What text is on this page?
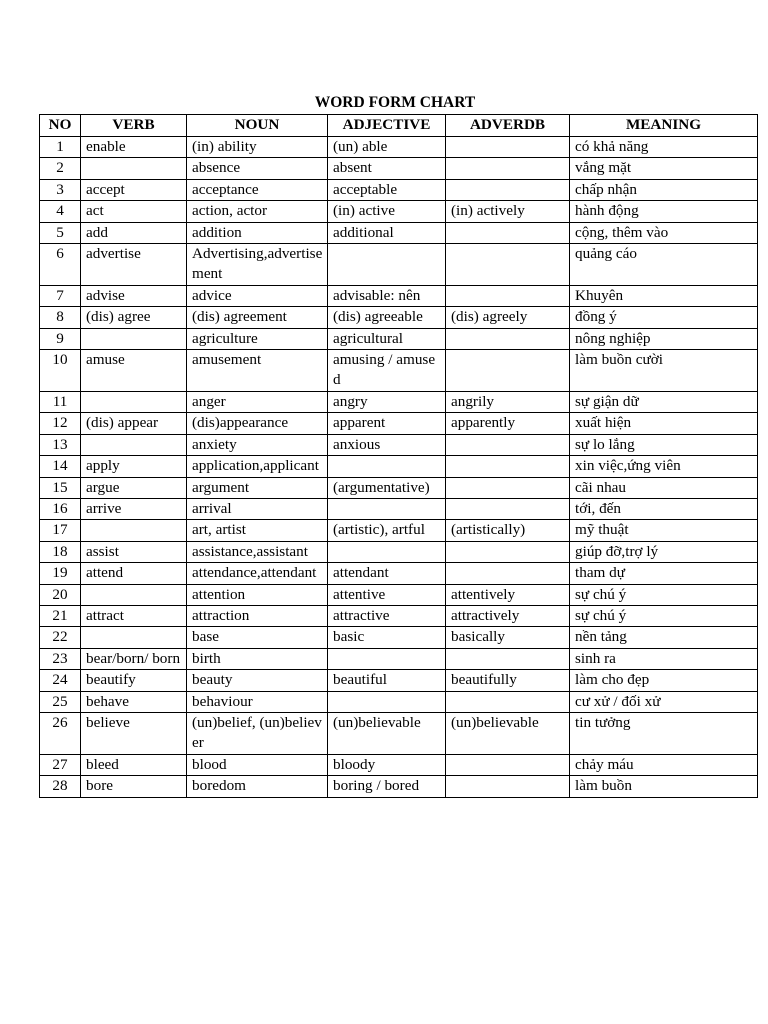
WORD FORM CHART
NO	VERB	NOUN	ADJECTIVE	ADVERDB	MEANING
1	enable	(in) ability	(un) able		có khả năng
2		absence	absent		vắng mặt
3	accept	acceptance	acceptable		chấp nhận
4	act	action, actor	(in) active	(in) actively	hành động
5	add	addition	additional		cộng, thêm vào
6	advertise	Advertising,advertisement			quảng cáo
7	advise	advice	advisable: nên		Khuyên
8	(dis) agree	(dis) agreement	(dis) agreeable	(dis) agreely	đồng ý
9		agriculture	agricultural		nông nghiệp
10	amuse	amusement	amusing / amused		làm buồn cười
11		anger	angry	angrily	sự giận dữ
12	(dis) appear	(dis)appearance	apparent	apparently	xuất hiện
13		anxiety	anxious		sự lo lắng
14	apply	application,applicant			xin việc,ứng viên
15	argue	argument	(argumentative)		cãi nhau
16	arrive	arrival			tới, đến
17		art, artist	(artistic), artful	(artistically)	mỹ thuật
18	assist	assistance,assistant			giúp đỡ,trợ lý
19	attend	attendance,attendant	attendant		tham dự
20		attention	attentive	attentively	sự chú ý
21	attract	attraction	attractive	attractively	sự chú ý
22		base	basic	basically	nền tảng
23	bear/born/ born	birth			sinh ra
24	beautify	beauty	beautiful	beautifully	làm cho đẹp
25	behave	behaviour			cư xử / đối xử
26	believe	(un)belief, (un)believer	(un)believable	(un)believable	tin tưởng
27	bleed	blood	bloody		chảy máu
28	bore	boredom	boring / bored		làm buồn
